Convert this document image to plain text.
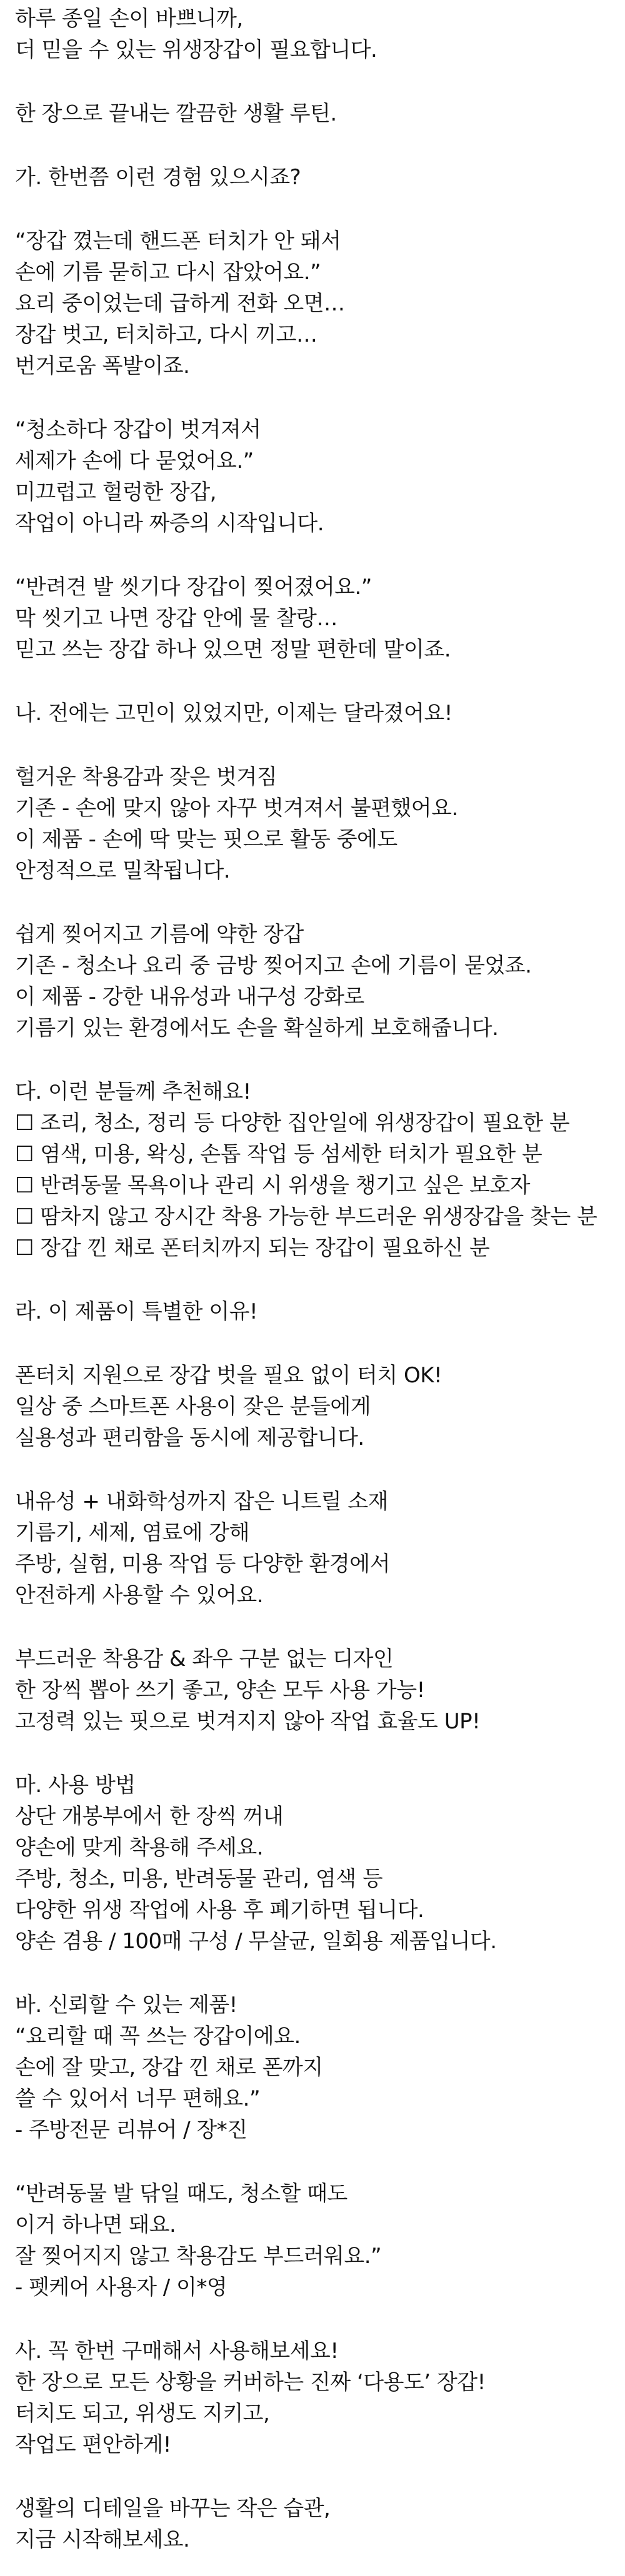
하루 종일 손이 바쁘니까,
더 믿을 수 있는 위생장갑이 필요합니다.
한 장으로 끝내는 깔끔한 생활 루틴.
가. 한번쯤 이런 경험 있으시죠?
“장갑 꼈는데 핸드폰 터치가 안 돼서
손에 기름 묻히고 다시 잡았어요.”
요리 중이었는데 급하게 전화 오면…
장갑 벗고, 터치하고, 다시 끼고…
번거로움 폭발이죠.
“청소하다 장갑이 벗겨져서
세제가 손에 다 묻었어요.”
미끄럽고 헐렁한 장갑,
작업이 아니라 짜증의 시작입니다.
“반려견 발 씻기다 장갑이 찢어졌어요.”
막 씻기고 나면 장갑 안에 물 찰랑…
믿고 쓰는 장갑 하나 있으면 정말 편한데 말이죠.
나. 전에는 고민이 있었지만, 이제는 달라졌어요!
헐거운 착용감과 잦은 벗겨짐
기존 - 손에 맞지 않아 자꾸 벗겨져서 불편했어요.
이 제품 - 손에 딱 맞는 핏으로 활동 중에도
안정적으로 밀착됩니다.
쉽게 찢어지고 기름에 약한 장갑
기존 - 청소나 요리 중 금방 찢어지고 손에 기름이 묻었죠.
이 제품 - 강한 내유성과 내구성 강화로
기름기 있는 환경에서도 손을 확실하게 보호해줍니다.
다. 이런 분들께 추천해요!
☐ 조리, 청소, 정리 등 다양한 집안일에 위생장갑이 필요한 분
☐ 염색, 미용, 왁싱, 손톱 작업 등 섬세한 터치가 필요한 분
☐ 반려동물 목욕이나 관리 시 위생을 챙기고 싶은 보호자
☐ 땀차지 않고 장시간 착용 가능한 부드러운 위생장갑을 찾는 분
☐ 장갑 낀 채로 폰터치까지 되는 장갑이 필요하신 분
라. 이 제품이 특별한 이유!
폰터치 지원으로 장갑 벗을 필요 없이 터치 OK!
일상 중 스마트폰 사용이 잦은 분들에게
실용성과 편리함을 동시에 제공합니다.
내유성 + 내화학성까지 잡은 니트릴 소재
기름기, 세제, 염료에 강해
주방, 실험, 미용 작업 등 다양한 환경에서
안전하게 사용할 수 있어요.
부드러운 착용감 & 좌우 구분 없는 디자인
한 장씩 뽑아 쓰기 좋고, 양손 모두 사용 가능!
고정력 있는 핏으로 벗겨지지 않아 작업 효율도 UP!
마. 사용 방법
상단 개봉부에서 한 장씩 꺼내
양손에 맞게 착용해 주세요.
주방, 청소, 미용, 반려동물 관리, 염색 등
다양한 위생 작업에 사용 후 폐기하면 됩니다.
양손 겸용 / 100매 구성 / 무살균, 일회용 제품입니다.
바. 신뢰할 수 있는 제품!
“요리할 때 꼭 쓰는 장갑이에요.
손에 잘 맞고, 장갑 낀 채로 폰까지
쓸 수 있어서 너무 편해요.”
- 주방전문 리뷰어 / 장*진
“반려동물 발 닦일 때도, 청소할 때도
이거 하나면 돼요.
잘 찢어지지 않고 착용감도 부드러워요.”
- 펫케어 사용자 / 이*영
사. 꼭 한번 구매해서 사용해보세요!
한 장으로 모든 상황을 커버하는 진짜 ‘다용도’ 장갑!
터치도 되고, 위생도 지키고,
작업도 편안하게!
생활의 디테일을 바꾸는 작은 습관,
지금 시작해보세요.
